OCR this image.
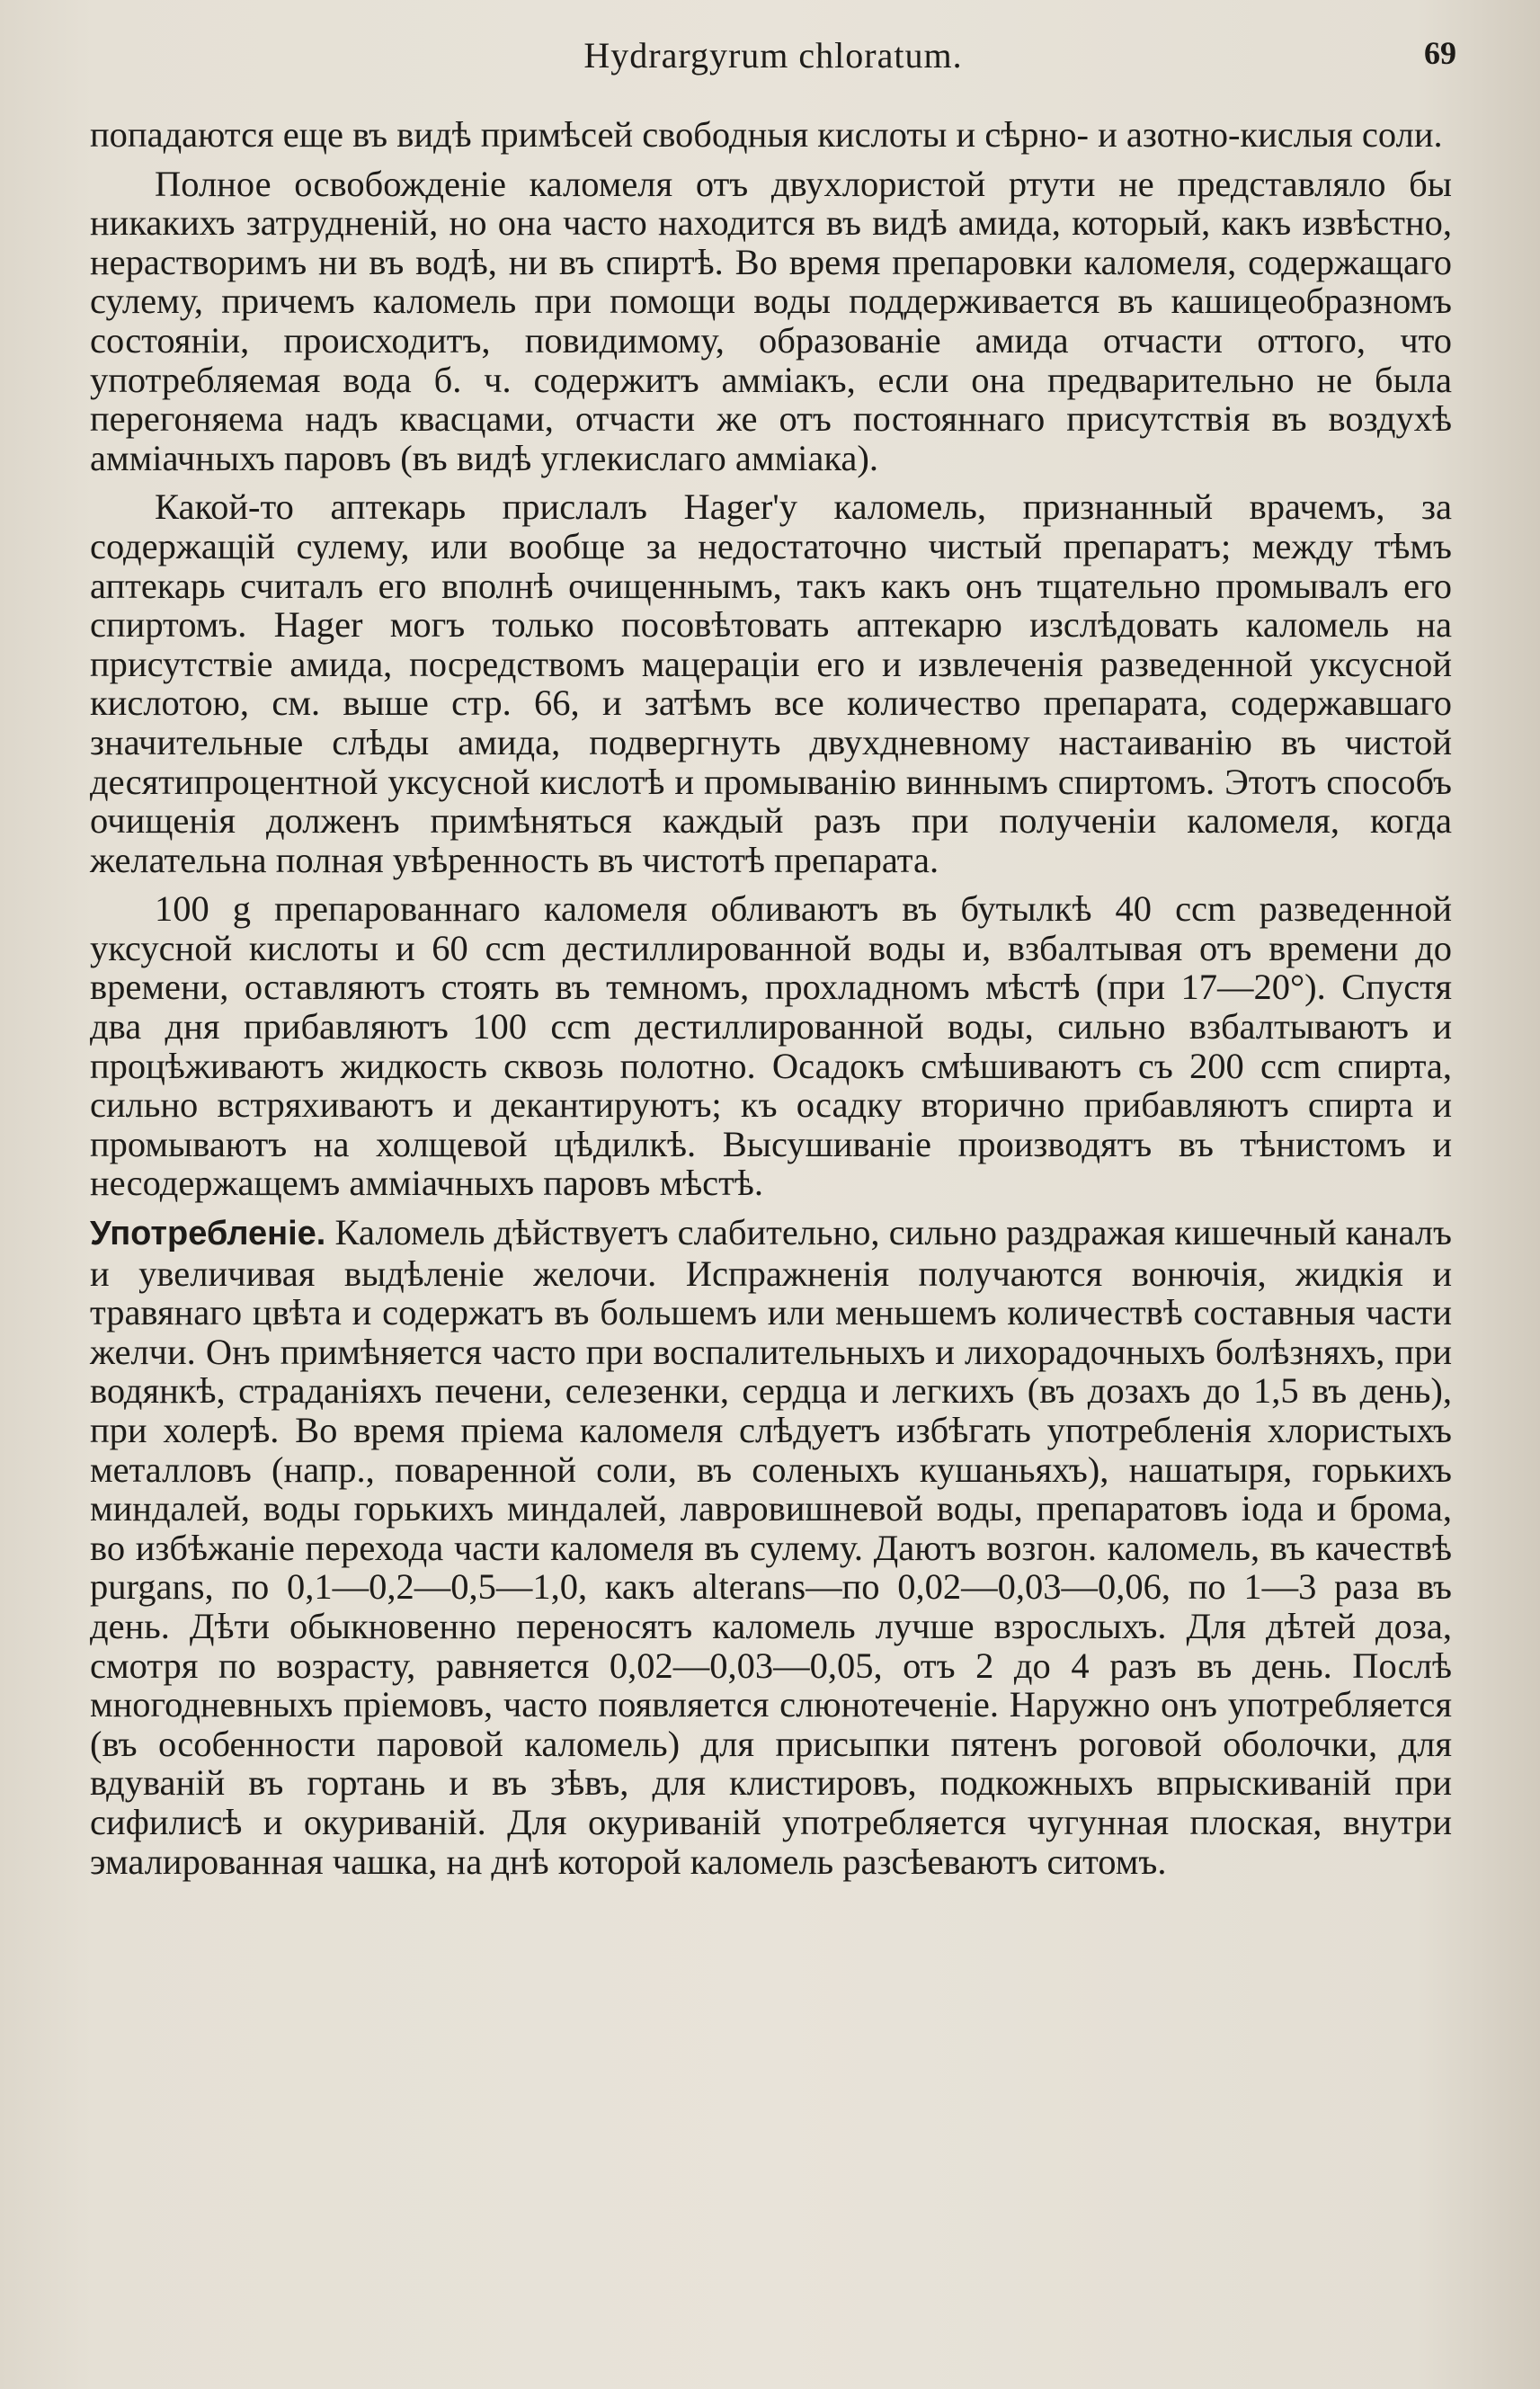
Hydrargyrum chloratum.	69

попадаются еще въ видѣ примѣсей свободныя кислоты и сѣрно- и азотно-кислыя соли.

Полное освобожденіе каломеля отъ двухлористой ртути не представляло бы никакихъ затрудненій, но она часто находится въ видѣ амида, который, какъ извѣстно, нерастворимъ ни въ водѣ, ни въ спиртѣ. Во время препаровки каломеля, содержащаго сулему, причемъ каломель при помощи воды поддерживается въ кашицеобразномъ состояніи, происходитъ, повидимому, образованіе амида отчасти оттого, что употребляемая вода б. ч. содержитъ амміакъ, если она предварительно не была перегоняема надъ квасцами, отчасти же отъ постояннаго присутствія въ воздухѣ амміачныхъ паровъ (въ видѣ углекислаго амміака).

Какой-то аптекарь прислалъ Hager'у каломель, признанный врачемъ, за содержащій сулему, или вообще за недостаточно чистый препаратъ; между тѣмъ аптекарь считалъ его вполнѣ очищеннымъ, такъ какъ онъ тщательно промывалъ его спиртомъ. Hager могъ только посовѣтовать аптекарю изслѣдовать каломель на присутствіе амида, посредствомъ мацераціи его и извлеченія разведенной уксусной кислотою, см. выше стр. 66, и затѣмъ все количество препарата, содержавшаго значительные слѣды амида, подвергнуть двухдневному настаиванію въ чистой десятипроцентной уксусной кислотѣ и промыванію виннымъ спиртомъ. Этотъ способъ очищенія долженъ примѣняться каждый разъ при полученіи каломеля, когда желательна полная увѣренность въ чистотѣ препарата.

100 g препарованнаго каломеля обливаютъ въ бутылкѣ 40 ccm разведенной уксусной кислоты и 60 ccm дестиллированной воды и, взбалтывая отъ времени до времени, оставляютъ стоять въ темномъ, прохладномъ мѣстѣ (при 17—20°). Спустя два дня прибавляютъ 100 ccm дестиллированной воды, сильно взбалтываютъ и процѣживаютъ жидкость сквозь полотно. Осадокъ смѣшиваютъ съ 200 ccm спирта, сильно встряхиваютъ и декантируютъ; къ осадку вторично прибавляютъ спирта и промываютъ на холщевой цѣдилкѣ. Высушиваніе производятъ въ тѣнистомъ и несодержащемъ амміачныхъ паровъ мѣстѣ.

Употребленіе. Каломель дѣйствуетъ слабительно, сильно раздражая кишечный каналъ и увеличивая выдѣленіе желочи. Испражненія получаются вонючія, жидкія и травянаго цвѣта и содержатъ въ большемъ или меньшемъ количествѣ составныя части желчи. Онъ примѣняется часто при воспалительныхъ и лихорадочныхъ болѣзняхъ, при водянкѣ, страданіяхъ печени, селезенки, сердца и легкихъ (въ дозахъ до 1,5 въ день), при холерѣ. Во время пріема каломеля слѣдуетъ избѣгать употребленія хлористыхъ металловъ (напр., поваренной соли, въ соленыхъ кушаньяхъ), нашатыря, горькихъ миндалей, воды горькихъ миндалей, лавровишневой воды, препаратовъ іода и брома, во избѣжаніе перехода части каломеля въ сулему. Даютъ возгон. каломель, въ качествѣ purgans, по 0,1—0,2—0,5—1,0, какъ alterans—по 0,02—0,03—0,06, по 1—3 раза въ день. Дѣти обыкновенно переносятъ каломель лучше взрослыхъ. Для дѣтей доза, смотря по возрасту, равняется 0,02—0,03—0,05, отъ 2 до 4 разъ въ день. Послѣ многодневныхъ пріемовъ, часто появляется слюнотеченіе. Наружно онъ употребляется (въ особенности паровой каломель) для присыпки пятенъ роговой оболочки, для вдуваній въ гортань и въ зѣвъ, для клистировъ, подкожныхъ впрыскиваній при сифилисѣ и окуриваній. Для окуриваній употребляется чугунная плоская, внутри эмалированная чашка, на днѣ которой каломель разсѣеваютъ ситомъ.
